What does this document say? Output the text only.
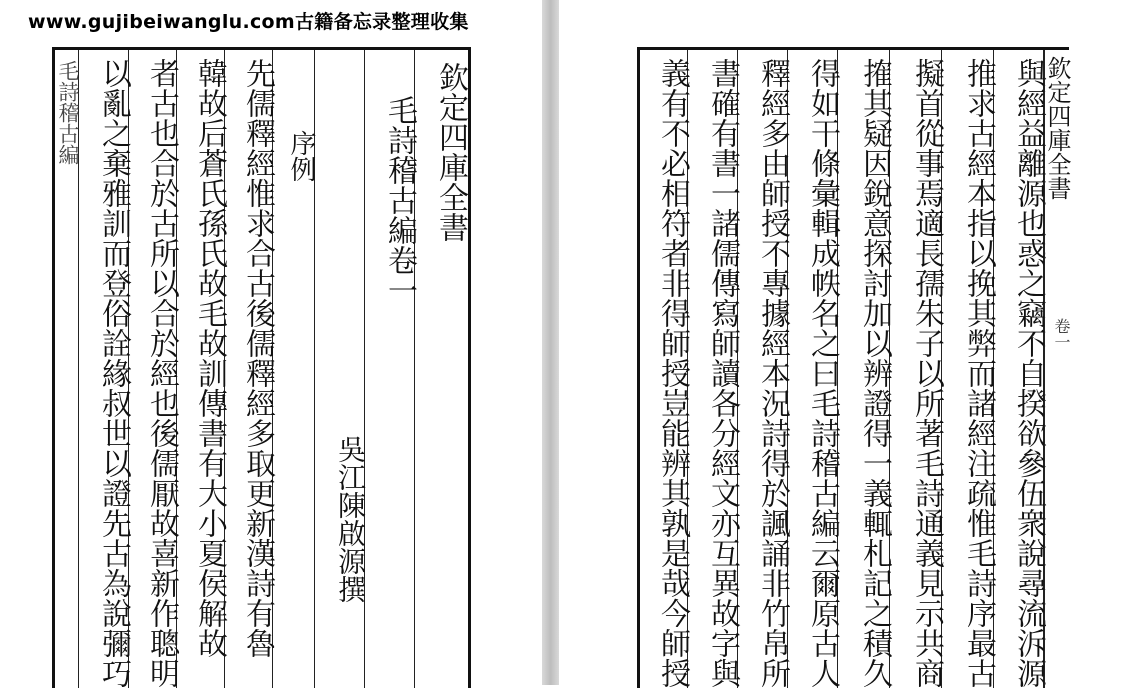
www.gujibeiwanglu.com古籍备忘录整理收集
毛詩稽古編 以亂之棄雅訓而登俗詮緣叔世以證先古為說彌巧 者古也合於古所以合於經也後儒厭故喜新作聰明 韓故后蒼氏孫氏故毛故訓傳書有大小夏侯解故 先儒釋經惟求合古後儒釋經多取更新漢詩有魯 序例
吳江陳啟源撰
毛詩稽古編卷一 欽定四庫全書	義有不必相符者非得師授豈能辨其孰是哉今師授 書確有書一諸儒傳寫師讀各分經文亦互異故字與 釋經多由師授不專據經本況詩得於諷誦非竹帛所 得如干條彙輯成帙名之曰毛詩稽古編云爾原古人 搉其疑因銳意探討加以辨證得一義輒札記之積久 擬首從事焉適長孺朱子以所著毛詩通義見示共商 推求古經本指以挽其弊而諸經注疏惟毛詩序最古 與經益離源也惑之竊不自揆欲參伍衆說尋流泝源
欽定四庫全書
卷一
